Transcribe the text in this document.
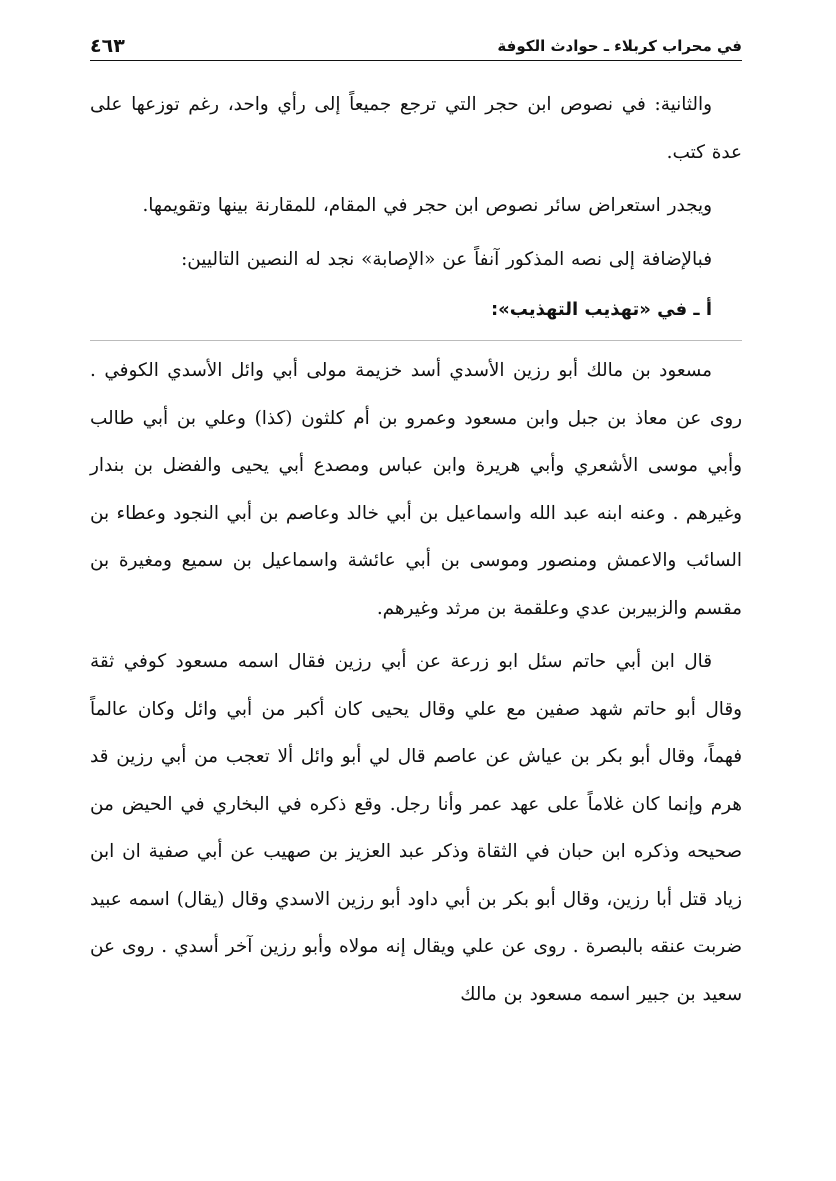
في محراب كربلاء ـ حوادث الكوفة
٤٦٣

والثانية: في نصوص ابن حجر التي ترجع جميعاً إلى رأي واحد، رغم توزعها على عدة كتب.

ويجدر استعراض سائر نصوص ابن حجر في المقام، للمقارنة بينها وتقويمها.

فبالإضافة إلى نصه المذكور آنفاً عن «الإصابة» نجد له النصين التاليين:

أ ـ في «تهذيب التهذيب»:

مسعود بن مالك أبو رزين الأسدي أسد خزيمة مولى أبي وائل الأسدي الكوفي . روى عن معاذ بن جبل وابن مسعود وعمرو بن أم كلثون (كذا) وعلي بن أبي طالب وأبي موسى الأشعري وأبي هريرة وابن عباس ومصدع أبي يحيى والفضل بن بندار وغيرهم . وعنه ابنه عبد الله واسماعيل بن أبي خالد وعاصم بن أبي النجود وعطاء بن السائب والاعمش ومنصور وموسى بن أبي عائشة واسماعيل بن سميع ومغيرة بن مقسم والزبيربن عدي وعلقمة بن مرثد وغيرهم.

قال ابن أبي حاتم سئل ابو زرعة عن أبي رزين فقال اسمه مسعود كوفي ثقة وقال أبو حاتم شهد صفين مع علي وقال يحيى كان أكبر من أبي وائل وكان عالماً فهماً، وقال أبو بكر بن عياش عن عاصم قال لي أبو وائل ألا تعجب من أبي رزين قد هرم وإنما كان غلاماً على عهد عمر وأنا رجل. وقع ذكره في البخاري في الحيض من صحيحه وذكره ابن حبان في الثقاة وذكر عبد العزيز بن صهيب عن أبي صفية ان ابن زياد قتل أبا رزين، وقال أبو بكر بن أبي داود أبو رزين الاسدي وقال (يقال) اسمه عبيد ضربت عنقه بالبصرة . روى عن علي ويقال إنه مولاه وأبو رزين آخر أسدي . روى عن سعيد بن جبير اسمه مسعود بن مالك
